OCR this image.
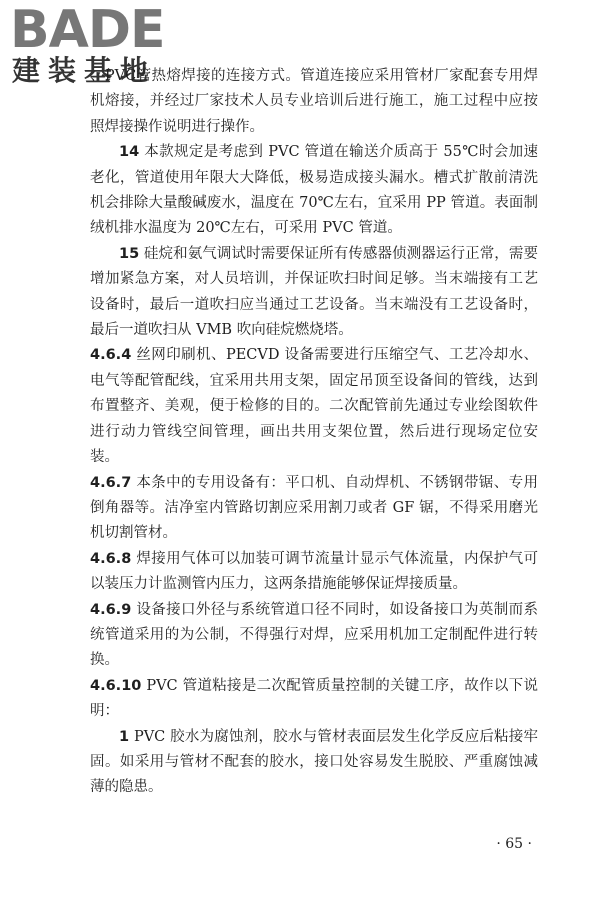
BADE
建装基地

、PVC管热熔焊接的连接方式。管道连接应采用管材厂家配套专用焊机熔接，并经过厂家技术人员专业培训后进行施工，施工过程中应按照焊接操作说明进行操作。

14 本款规定是考虑到 PVC 管道在输送介质高于 55℃时会加速老化，管道使用年限大大降低，极易造成接头漏水。槽式扩散前清洗机会排除大量酸碱废水，温度在 70℃左右，宜采用 PP 管道。表面制绒机排水温度为 20℃左右，可采用 PVC 管道。

15 硅烷和氨气调试时需要保证所有传感器侦测器运行正常，需要增加紧急方案，对人员培训，并保证吹扫时间足够。当末端接有工艺设备时，最后一道吹扫应当通过工艺设备。当末端没有工艺设备时，最后一道吹扫从 VMB 吹向硅烷燃烧塔。

4.6.4 丝网印刷机、PECVD 设备需要进行压缩空气、工艺冷却水、电气等配管配线，宜采用共用支架，固定吊顶至设备间的管线，达到布置整齐、美观，便于检修的目的。二次配管前先通过专业绘图软件进行动力管线空间管理，画出共用支架位置，然后进行现场定位安装。

4.6.7 本条中的专用设备有：平口机、自动焊机、不锈钢带锯、专用倒角器等。洁净室内管路切割应采用割刀或者 GF 锯，不得采用磨光机切割管材。

4.6.8 焊接用气体可以加装可调节流量计显示气体流量，内保护气可以装压力计监测管内压力，这两条措施能够保证焊接质量。

4.6.9 设备接口外径与系统管道口径不同时，如设备接口为英制而系统管道采用的为公制，不得强行对焊，应采用机加工定制配件进行转换。

4.6.10 PVC 管道粘接是二次配管质量控制的关键工序，故作以下说明：

1 PVC 胶水为腐蚀剂，胶水与管材表面层发生化学反应后粘接牢固。如采用与管材不配套的胶水，接口处容易发生脱胶、严重腐蚀减薄的隐患。

· 65 ·
